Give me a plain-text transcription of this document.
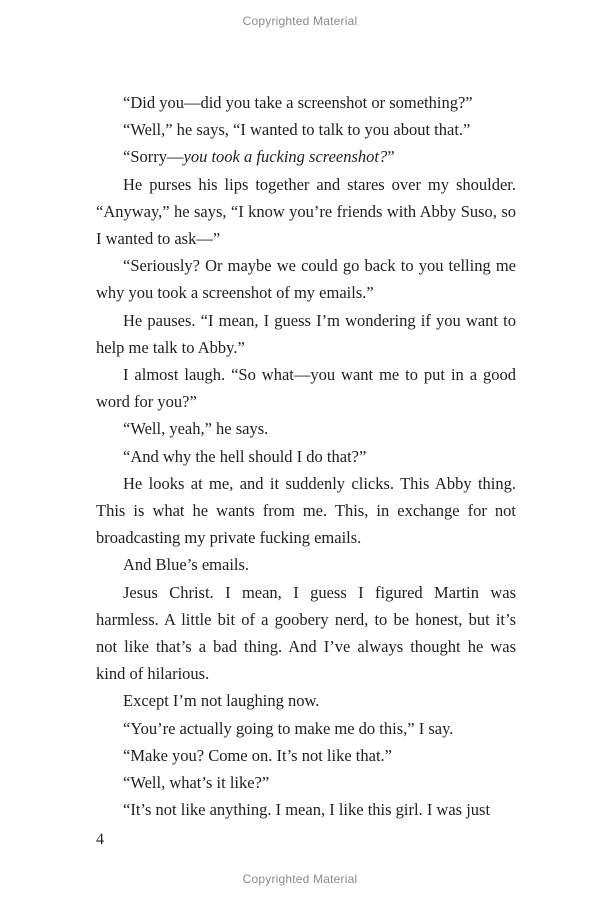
Copyrighted Material

“Did you—did you take a screenshot or something?”

“Well,” he says, “I wanted to talk to you about that.”

“Sorry—you took a fucking screenshot?”

He purses his lips together and stares over my shoulder. “Anyway,” he says, “I know you’re friends with Abby Suso, so I wanted to ask—”

“Seriously? Or maybe we could go back to you telling me why you took a screenshot of my emails.”

He pauses. “I mean, I guess I’m wondering if you want to help me talk to Abby.”

I almost laugh. “So what—you want me to put in a good word for you?”

“Well, yeah,” he says.

“And why the hell should I do that?”

He looks at me, and it suddenly clicks. This Abby thing. This is what he wants from me. This, in exchange for not broadcasting my private fucking emails.

And Blue’s emails.

Jesus Christ. I mean, I guess I figured Martin was harmless. A little bit of a goobery nerd, to be honest, but it’s not like that’s a bad thing. And I’ve always thought he was kind of hilarious.

Except I’m not laughing now.

“You’re actually going to make me do this,” I say.

“Make you? Come on. It’s not like that.”

“Well, what’s it like?”

“It’s not like anything. I mean, I like this girl. I was just

4
Copyrighted Material
